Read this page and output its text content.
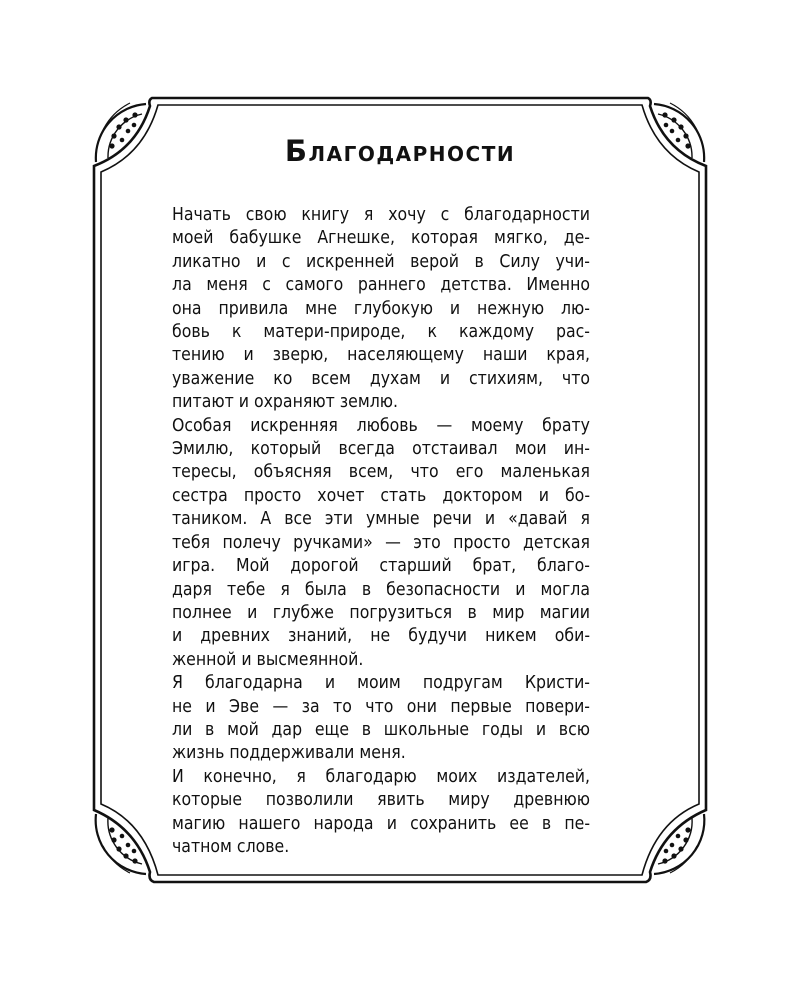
Благодарности
Начать свою книгу я хочу с благодарности
моей бабушке Агнешке, которая мягко, де-
ликатно и с искренней верой в Силу учи-
ла меня с самого раннего детства. Именно
она привила мне глубокую и нежную лю-
бовь к матери-природе, к каждому рас-
тению и зверю, населяющему наши края,
уважение ко всем духам и стихиям, что
питают и охраняют землю.
Особая искренняя любовь — моему брату
Эмилю, который всегда отстаивал мои ин-
тересы, объясняя всем, что его маленькая
сестра просто хочет стать доктором и бо-
таником. А все эти умные речи и «давай я
тебя полечу ручками» — это просто детская
игра. Мой дорогой старший брат, благо-
даря тебе я была в безопасности и могла
полнее и глубже погрузиться в мир магии
и древних знаний, не будучи никем оби-
женной и высмеянной.
Я благодарна и моим подругам Кристи-
не и Эве — за то что они первые повери-
ли в мой дар еще в школьные годы и всю
жизнь поддерживали меня.
И конечно, я благодарю моих издателей,
которые позволили явить миру древнюю
магию нашего народа и сохранить ее в пе-
чатном слове.
